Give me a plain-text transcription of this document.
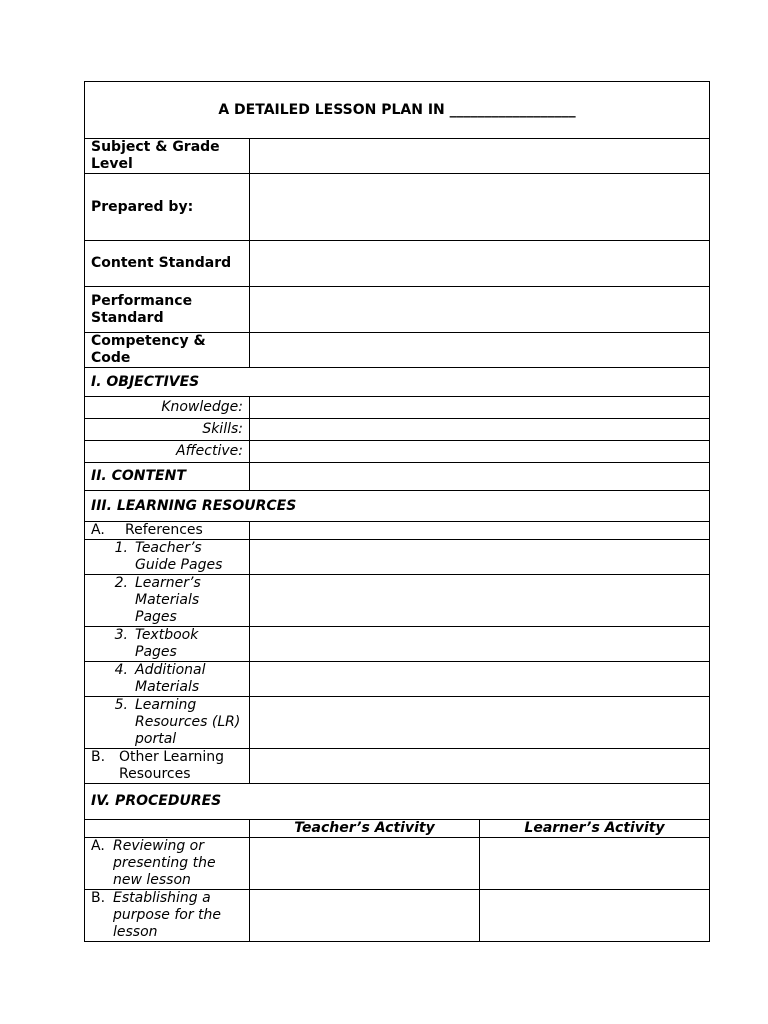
A DETAILED LESSON PLAN IN __________________		
Subject & Grade Level		
Prepared by:		
Content Standard		
Performance Standard		
Competency & Code		
I. OBJECTIVES		
Knowledge:		
Skills:		
Affective:		
II. CONTENT		
III. LEARNING RESOURCES		

A. References		

1. Teacher’s Guide Pages		

2. Learner’s Materials Pages		

3. Textbook Pages		

4. Additional Materials		

5. Learning Resources (LR) portal		

B. Other Learning Resources		

IV. PROCEDURES		
	Teacher’s Activity	Learner’s Activity

A. Reviewing or presenting the new lesson		

B. Establishing a purpose for the lesson		
